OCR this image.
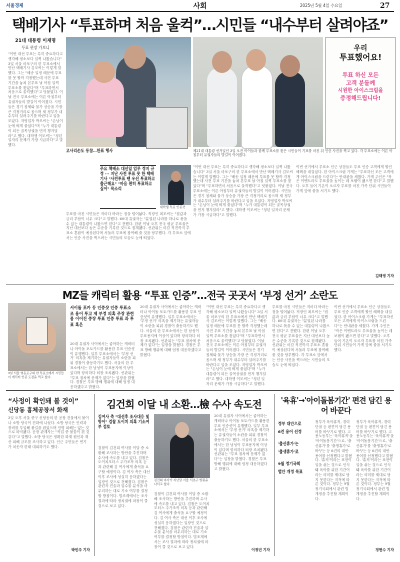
서울경제	사회	2025년 5월 4일 수요일	27
택배기사 “투표하며 처음 울컥”…시민들 “내수부터 살려야죠”
21대 대통령 이재명
투표 현장 가보니
"이번 대선 투표는 특히 중요하다고 생각해 평소보다 일찍 나왔습니다" 3일 서울 마포구의 한 투표소에서 만난 택배기사 김모씨는 이렇게 말했다. 그는 "배송 일정 때문에 투표를 못 할까 걱정했는데 사전 투표 기간을 놓쳐 본투표 날 아침 일찍 투표소를 찾았다"며 "투표하면서 처음으로 울컥했다"고 덧붙였다. 이날 전국 투표소에는 이른 아침부터 유권자들의 발길이 이어졌다. 시민들은 경기 침체와 물가 상승을 가장 큰 걱정거리로 꼽으며 새 정부가 내수부터 살려주기를 바란다고 입을 모았다. 자영업자 박모씨는 "손님이 눈에 띄게 줄었다"며 "누가 대통령이 되든 골목상권을 먼저 챙겨달라"고 했다. 대학생 이모씨는 "청년 일자리 문제가 가장 시급하다"고 말했다.
고사리손도 동참…한표 행사
우리
투표했어요!
투표 하신 모든
고객 분들께
시원한 아이스크림을
증정해드립니다!
제21대 대통령 선거일인 3일 오전 아이들과 함께 투표소를 찾은 시민들이 기표를 마친 뒤 인증 사진을 찍고 있다. 각 투표소에는 이른 아침부터 유권자들의 발길이 이어졌다.
주요 책배소 대선일 업무 정지 규정 ··· 지난 사전 투표 못 한 택배기사 "사전투표 땐 우선 투표하고 출근해요" "마음 편히 투표하고 싶어" 목소리
대학생 투표 인증샷
투표를 마친 시민들은 저마다 바라는 점을 털어놨다. 직장인 최모씨는 "집값과 금리 부담이 너무 크다"고 말했다. 60대 유권자는 "분열된 나라를 하나로 묶을 수 있는 대통령이 나왔으면 한다"고 전했다. 한편 이날 오후 전국 평균 투표율은 지난 대선보다 높은 수준을 기록한 것으로 집계됐다. 선관위는 마감 직전까지 투표소 혼잡이 예상된다며 서둘러 투표에 참여해 줄 것을 당부했다. 각 투표소 앞에서는 인증 사진을 찍으려는 시민들의 모습도 눈에 띄었다.
"이번 대선 투표는 특히 중요하다고 생각해 평소보다 일찍 나왔습니다" 3일 서울 마포구의 한 투표소에서 만난 택배기사 김모씨는 이렇게 말했다. 그는 "배송 일정 때문에 투표를 못 할까 걱정했는데 사전 투표 기간을 놓쳐 본투표 날 아침 일찍 투표소를 찾았다"며 "투표하면서 처음으로 울컥했다"고 덧붙였다. 이날 전국 투표소에는 이른 아침부터 유권자들의 발길이 이어졌다. 시민들은 경기 침체와 물가 상승을 가장 큰 걱정거리로 꼽으며 새 정부가 내수부터 살려주기를 바란다고 입을 모았다. 자영업자 박모씨는 "손님이 눈에 띄게 줄었다"며 "누가 대통령이 되든 골목상권을 먼저 챙겨달라"고 했다. 대학생 이모씨는 "청년 일자리 문제가 가장 시급하다"고 말했다.
이번 선거에서 투표소 인근 상점들도 투표 인증 고객에게 할인 혜택을 내걸었다. 한 아이스크림 가게는 "투표하신 모든 고객에게 아이스크림을 드린다"는 안내판을 세웠다. 가게 주인은 "작은 이벤트라도 투표율을 높이는 데 보탬이 됐으면 한다"고 말했다. 오후 들어 기온이 오르자 투표를 마친 가족 단위 시민들이 가게 앞에 줄을 서기도 했다.
김태영 기자
MZ들 캐릭터 활용 “투표 인증”…전국 곳곳서 ‘부정 선거’ 소란도
3일 서울 영등포구의 한 투표소에서 시민들이 캐릭터 인증 도장을 찍고 있다.
서이돌 포카 등 인증샷 인증 투표소 조 용어 투고 제 부정 의혹 주장 관련 몸 이어진 중장 투표 인증 투표 과 투표 혹은
20대 유권자 사이에서는 좋아하는 캐릭터나 아이돌 포토카드를 활용한 투표 인증샷이 유행했다. 일부 투표소에서는 '부정 선거' 의혹을 제기하는 유권자들이 소란을 피워 경찰이 출동하기도 했다. 서울의 한 투표소에서는 한 남성이 투표용지에 이상이 있다며 항의하다 퇴장 조치됐다. 선관위는 "투표 절차에 문제가 없다"는 입장을 밝혔다. 경찰은 투표 방해 행위에 대해 엄정 대응하겠다고 밝혔다.
20대 유권자 사이에서는 좋아하는 캐릭터나 아이돌 포토카드를 활용한 투표 인증샷이 유행했다. 일부 투표소에서는 '부정 선거' 의혹을 제기하는 유권자들이 소란을 피워 경찰이 출동하기도 했다. 서울의 한 투표소에서는 한 남성이 투표용지에 이상이 있다며 항의하다 퇴장 조치됐다. 선관위는 "투표 절차에 문제가 없다"는 입장을 밝혔다. 경찰은 투표 방해 행위에 대해 엄정 대응하겠다고 밝혔다.
"이번 대선 투표는 특히 중요하다고 생각해 평소보다 일찍 나왔습니다" 3일 서울 마포구의 한 투표소에서 만난 택배기사 김모씨는 이렇게 말했다. 그는 "배송 일정 때문에 투표를 못 할까 걱정했는데 사전 투표 기간을 놓쳐 본투표 날 아침 일찍 투표소를 찾았다"며 "투표하면서 처음으로 울컥했다"고 덧붙였다. 이날 전국 투표소에는 이른 아침부터 유권자들의 발길이 이어졌다. 시민들은 경기 침체와 물가 상승을 가장 큰 걱정거리로 꼽으며 새 정부가 내수부터 살려주기를 바란다고 입을 모았다. 자영업자 박모씨는 "손님이 눈에 띄게 줄었다"며 "누가 대통령이 되든 골목상권을 먼저 챙겨달라"고 했다. 대학생 이모씨는 "청년 일자리 문제가 가장 시급하다"고 말했다.
투표를 마친 시민들은 저마다 바라는 점을 털어놨다. 직장인 최모씨는 "집값과 금리 부담이 너무 크다"고 말했다. 60대 유권자는 "분열된 나라를 하나로 묶을 수 있는 대통령이 나왔으면 한다"고 전했다. 한편 이날 오후 전국 평균 투표율은 지난 대선보다 높은 수준을 기록한 것으로 집계됐다. 선관위는 마감 직전까지 투표소 혼잡이 예상된다며 서둘러 투표에 참여해 줄 것을 당부했다. 각 투표소 앞에서는 인증 사진을 찍으려는 시민들의 모습도 눈에 띄었다.
이번 선거에서 투표소 인근 상점들도 투표 인증 고객에게 할인 혜택을 내걸었다. 한 아이스크림 가게는 "투표하신 모든 고객에게 아이스크림을 드린다"는 안내판을 세웠다. 가게 주인은 "작은 이벤트라도 투표율을 높이는 데 보탬이 됐으면 한다"고 말했다. 오후 들어 기온이 오르자 투표를 마친 가족 단위 시민들이 가게 앞에 줄을 서기도 했다.
“사정이 확인돼 볼 것이”
신당동 흉체공장서 화재
3일 오후 서울 중구 신당동의 한 공장 건물에서 불이 나 소방 당국이 진화에 나섰다. 소방 당국은 인력과 장비를 투입해 불길을 잡았으며 인명 피해는 없는 것으로 파악됐다. 공장 관계자는 "작업 중 불꽃이 튄 것 같다"고 말했다. 소방 당국은 정확한 화재 원인과 재산 피해 규모를 조사하고 있다. 인근 주민들은 연기가 치솟자 한때 대피하기도 했다.
박민주 기자
김건희 이달 내 소환…檢 수사 속도전
김여사 측 "대선후 조사대응 및 방어" 검찰 도이치 의혹 기소여부 검토
검찰이 김건희 여사를 이달 중 소환해 조사하는 방안을 추진하며 수사에 속도를 내고 있다. 검찰은 도이치모터스 주가조작 의혹 등과 관련해 김 여사에게 출석을 요구할 예정이다. 김 여사 측은 대선 이후 조사에 성실히 응하겠다는 입장인 것으로 전해졌다. 검찰은 관련자 진술과 압수물 분석을 마무리하는 대로 기소 여부를 결정할 방침이다. 법조계에서는 조사 결과에 따라 정치권에 파장이 클 것으로 보고 있다.
김건희 여사가 지난달 서울 서초구 법원을 나서고 있다.
검찰이 김건희 여사를 이달 중 소환해 조사하는 방안을 추진하며 수사에 속도를 내고 있다. 검찰은 도이치모터스 주가조작 의혹 등과 관련해 김 여사에게 출석을 요구할 예정이다. 김 여사 측은 대선 이후 조사에 성실히 응하겠다는 입장인 것으로 전해졌다. 검찰은 관련자 진술과 압수물 분석을 마무리하는 대로 기소 여부를 결정할 방침이다. 법조계에서는 조사 결과에 따라 정치권에 파장이 클 것으로 보고 있다.
20대 유권자 사이에서는 좋아하는 캐릭터나 아이돌 포토카드를 활용한 투표 인증샷이 유행했다. 일부 투표소에서는 '부정 선거' 의혹을 제기하는 유권자들이 소란을 피워 경찰이 출동하기도 했다. 서울의 한 투표소에서는 한 남성이 투표용지에 이상이 있다며 항의하다 퇴장 조치됐다. 선관위는 "투표 절차에 문제가 없다"는 입장을 밝혔다. 경찰은 투표 방해 행위에 대해 엄정 대응하겠다고 밝혔다.
이정민 기자
'육휴'→'아이돌봄기간' 편견 담긴 용어 바꾼다
정부 대안으로
6건 용어 선정
'출산휴가'는
'출생휴가'로
9월 정기국회
법안 개정 목표
정부가 육아휴직, 경력단절 등 편견이 담긴 용어를 바꾸기로 했다. 고용노동부는 '육아휴직'을 '아이돌봄기간'으로, '출산휴가'를 '출생휴가'로 바꾸는 등 6건의 대안 용어를 선정했다고 밝혔다. '휴직'이라는 표현이 일을 쉬는 것으로 인식돼 육아를 위한 기간이라는 의미를 제대로 담지 못한다는 지적에 따른 것이다. 정부는 9월 정기국회에서 관련 법 개정을 추진할 계획이다.
정부가 육아휴직, 경력단절 등 편견이 담긴 용어를 바꾸기로 했다. 고용노동부는 '육아휴직'을 '아이돌봄기간'으로, '출산휴가'를 '출생휴가'로 바꾸는 등 6건의 대안 용어를 선정했다고 밝혔다. '휴직'이라는 표현이 일을 쉬는 것으로 인식돼 육아를 위한 기간이라는 의미를 제대로 담지 못한다는 지적에 따른 것이다. 정부는 9월 정기국회에서 관련 법 개정을 추진할 계획이다.
정현수 기자
